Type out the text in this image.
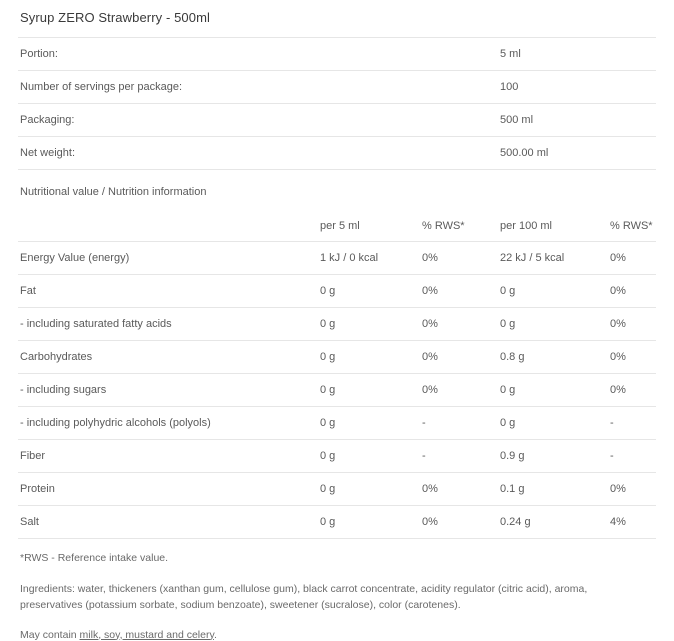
Syrup ZERO Strawberry - 500ml
Portion:	5 ml
Number of servings per package:	100
Packaging:	500 ml
Net weight:	500.00 ml
Nutritional value / Nutrition information
	per 5 ml	% RWS*	per 100 ml	% RWS*
Energy Value (energy)	1 kJ / 0 kcal	0%	22 kJ / 5 kcal	0%
Fat	0 g	0%	0 g	0%
- including saturated fatty acids	0 g	0%	0 g	0%
Carbohydrates	0 g	0%	0.8 g	0%
- including sugars	0 g	0%	0 g	0%
- including polyhydric alcohols (polyols)	0 g	-	0 g	-
Fiber	0 g	-	0.9 g	-
Protein	0 g	0%	0.1 g	0%
Salt	0 g	0%	0.24 g	4%
*RWS - Reference intake value.
Ingredients: water, thickeners (xanthan gum, cellulose gum), black carrot concentrate, acidity regulator (citric acid), aroma, preservatives (potassium sorbate, sodium benzoate), sweetener (sucralose), color (carotenes).
May contain milk, soy, mustard and celery.
